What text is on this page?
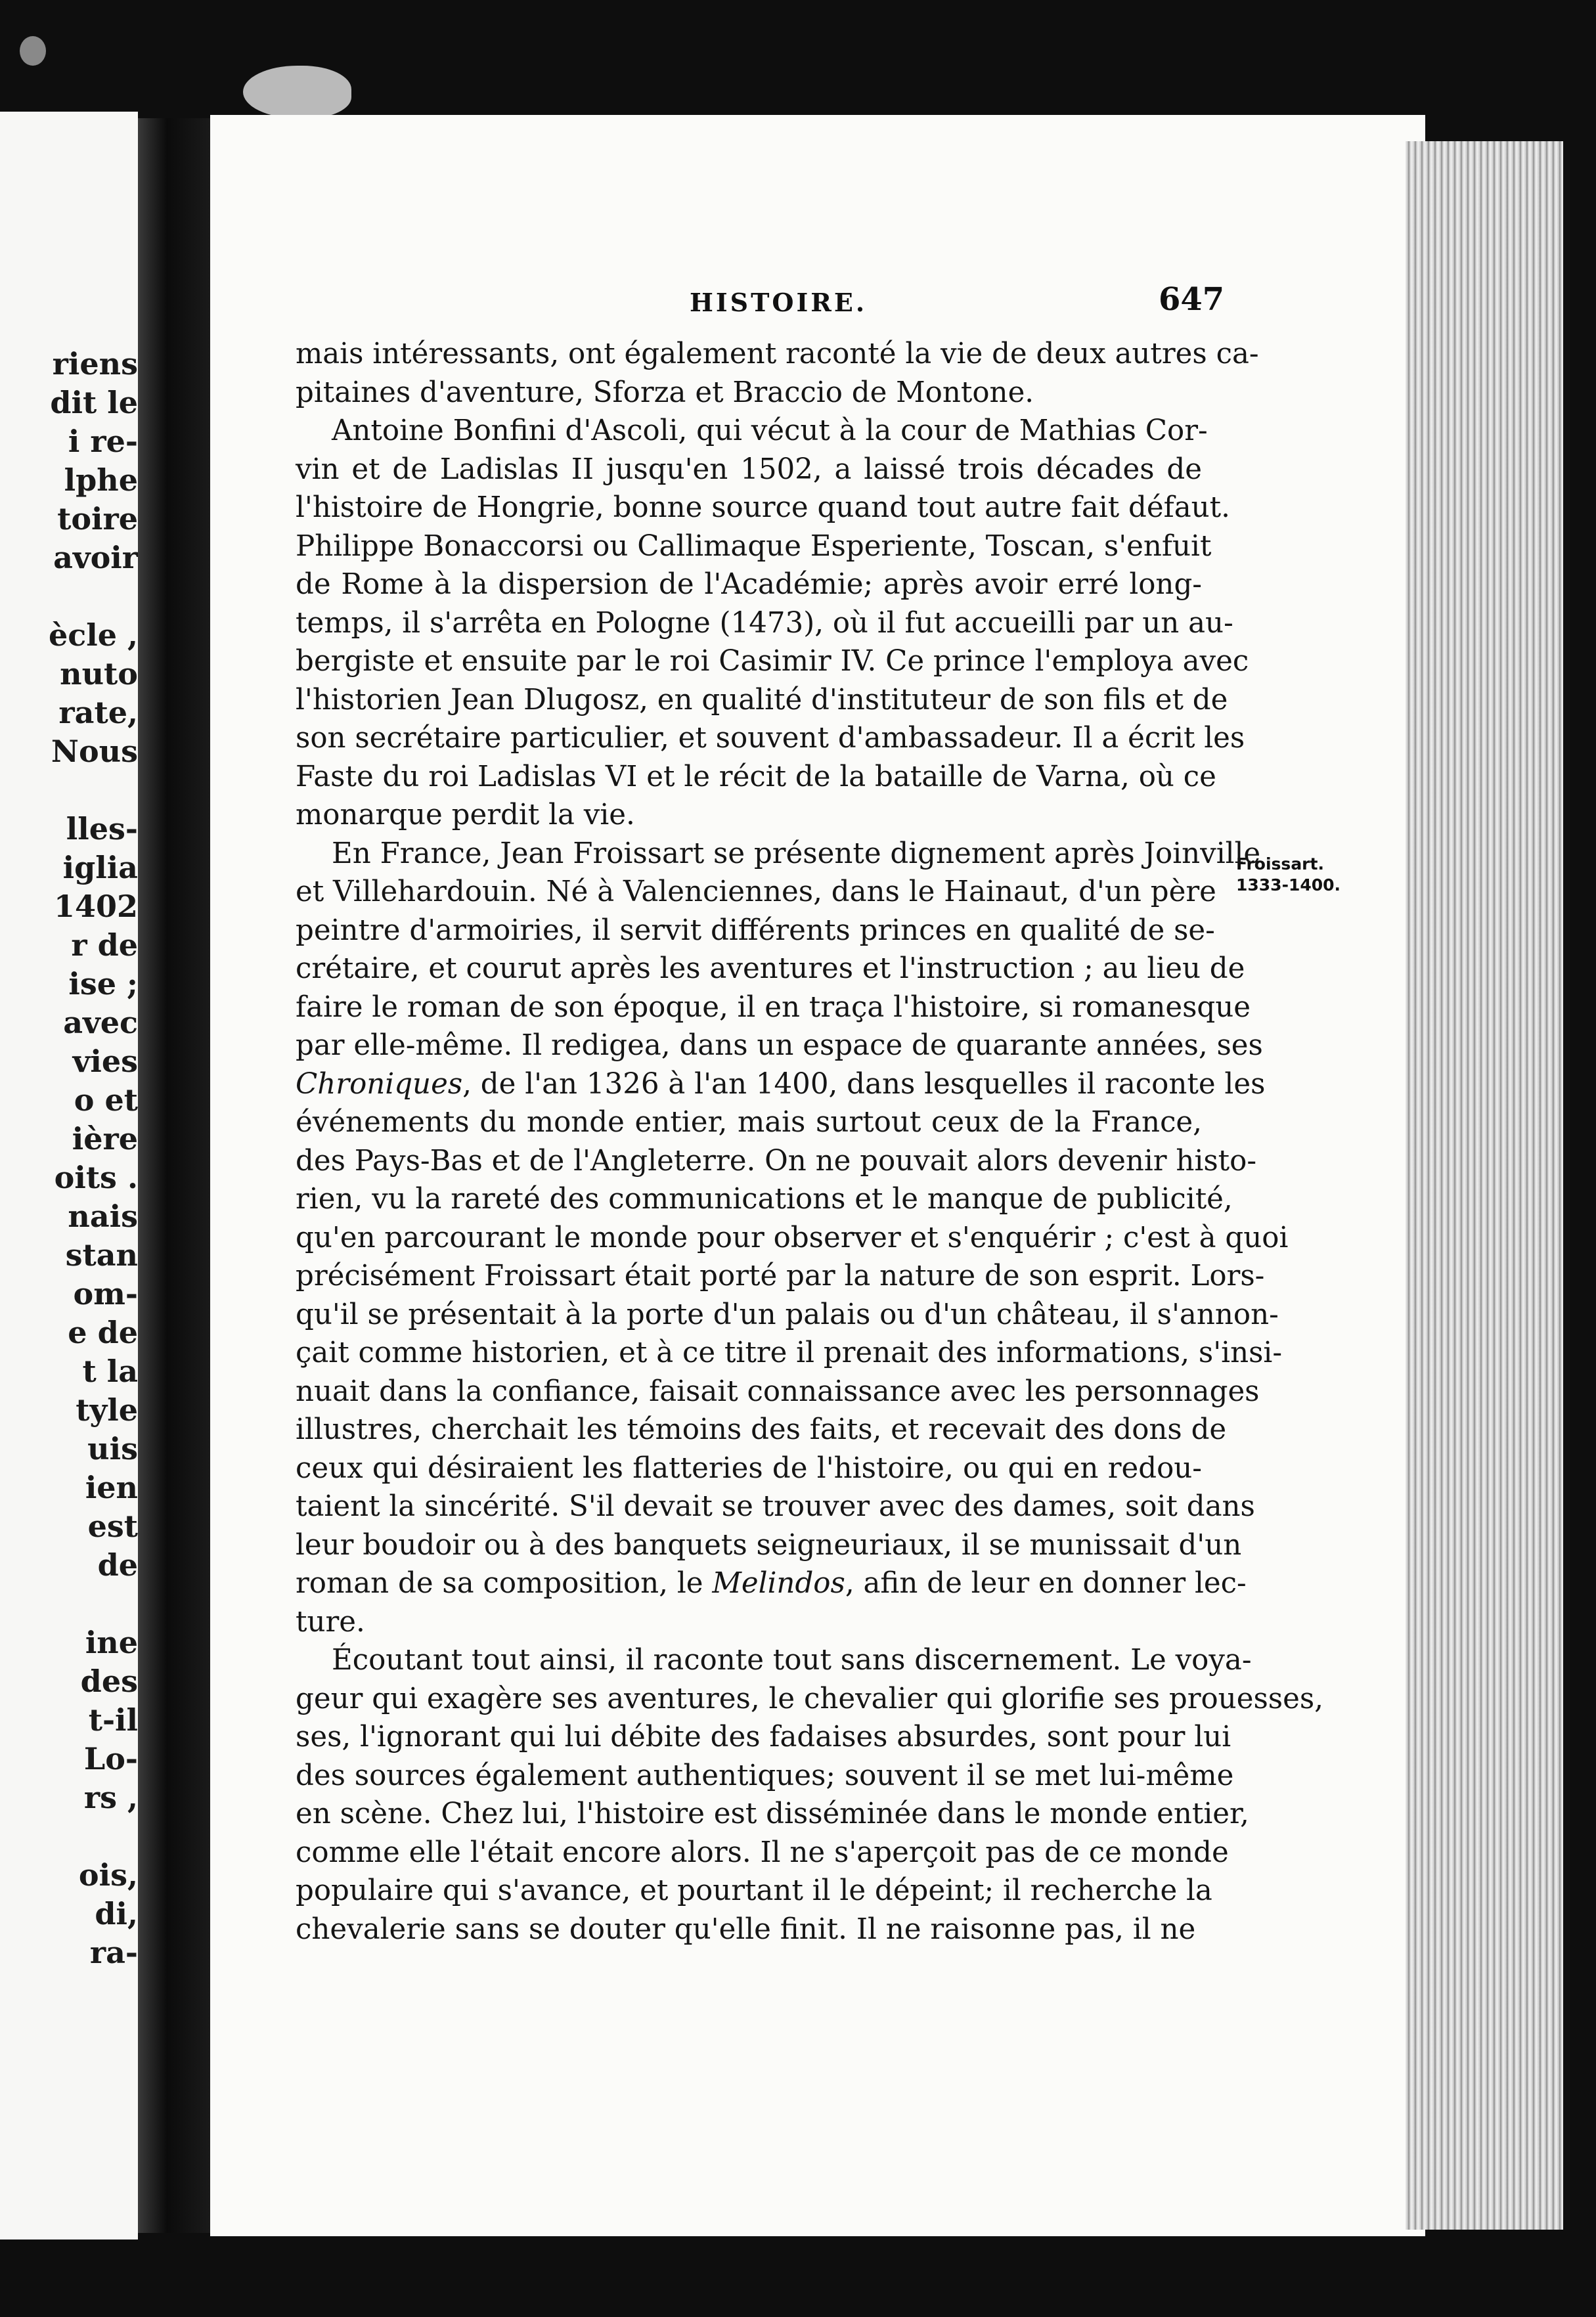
riens
dit le
i re-
lphe
toire
avoir
ècle ,
nuto
rate,
Nous
lles-
iglia
1402
r de
ise ;
avec
vies
o et
ière
oits .
nais
stan
om-
e de
t la
tyle
uis
ien
est
de
ine
des
t-il
Lo-
rs ,
ois,
di,
ra-
HISTOIRE.	647
Froissart.
1333-1400.
mais intéressants, ont également raconté la vie de deux autres ca-
pitaines d'aventure, Sforza et Braccio de Montone.
Antoine Bonfini d'Ascoli, qui vécut à la cour de Mathias Cor-
vin et de Ladislas II jusqu'en 1502, a laissé trois décades de
l'histoire de Hongrie, bonne source quand tout autre fait défaut.
Philippe Bonaccorsi ou Callimaque Esperiente, Toscan, s'enfuit
de Rome à la dispersion de l'Académie; après avoir erré long-
temps, il s'arrêta en Pologne (1473), où il fut accueilli par un au-
bergiste et ensuite par le roi Casimir IV. Ce prince l'employa avec
l'historien Jean Dlugosz, en qualité d'instituteur de son fils et de
son secrétaire particulier, et souvent d'ambassadeur. Il a écrit les
Faste du roi Ladislas VI et le récit de la bataille de Varna, où ce
monarque perdit la vie.
En France, Jean Froissart se présente dignement après Joinville
et Villehardouin. Né à Valenciennes, dans le Hainaut, d'un père
peintre d'armoiries, il servit différents princes en qualité de se-
crétaire, et courut après les aventures et l'instruction ; au lieu de
faire le roman de son époque, il en traça l'histoire, si romanesque
par elle-même. Il redigea, dans un espace de quarante années, ses
Chroniques, de l'an 1326 à l'an 1400, dans lesquelles il raconte les
événements du monde entier, mais surtout ceux de la France,
des Pays-Bas et de l'Angleterre. On ne pouvait alors devenir histo-
rien, vu la rareté des communications et le manque de publicité,
qu'en parcourant le monde pour observer et s'enquérir ; c'est à quoi
précisément Froissart était porté par la nature de son esprit. Lors-
qu'il se présentait à la porte d'un palais ou d'un château, il s'annon-
çait comme historien, et à ce titre il prenait des informations, s'insi-
nuait dans la confiance, faisait connaissance avec les personnages
illustres, cherchait les témoins des faits, et recevait des dons de
ceux qui désiraient les flatteries de l'histoire, ou qui en redou-
taient la sincérité. S'il devait se trouver avec des dames, soit dans
leur boudoir ou à des banquets seigneuriaux, il se munissait d'un
roman de sa composition, le Melindos, afin de leur en donner lec-
ture.
Écoutant tout ainsi, il raconte tout sans discernement. Le voya-
geur qui exagère ses aventures, le chevalier qui glorifie ses prouesses,
ses, l'ignorant qui lui débite des fadaises absurdes, sont pour lui
des sources également authentiques; souvent il se met lui-même
en scène. Chez lui, l'histoire est disséminée dans le monde entier,
comme elle l'était encore alors. Il ne s'aperçoit pas de ce monde
populaire qui s'avance, et pourtant il le dépeint; il recherche la
chevalerie sans se douter qu'elle finit. Il ne raisonne pas, il ne
